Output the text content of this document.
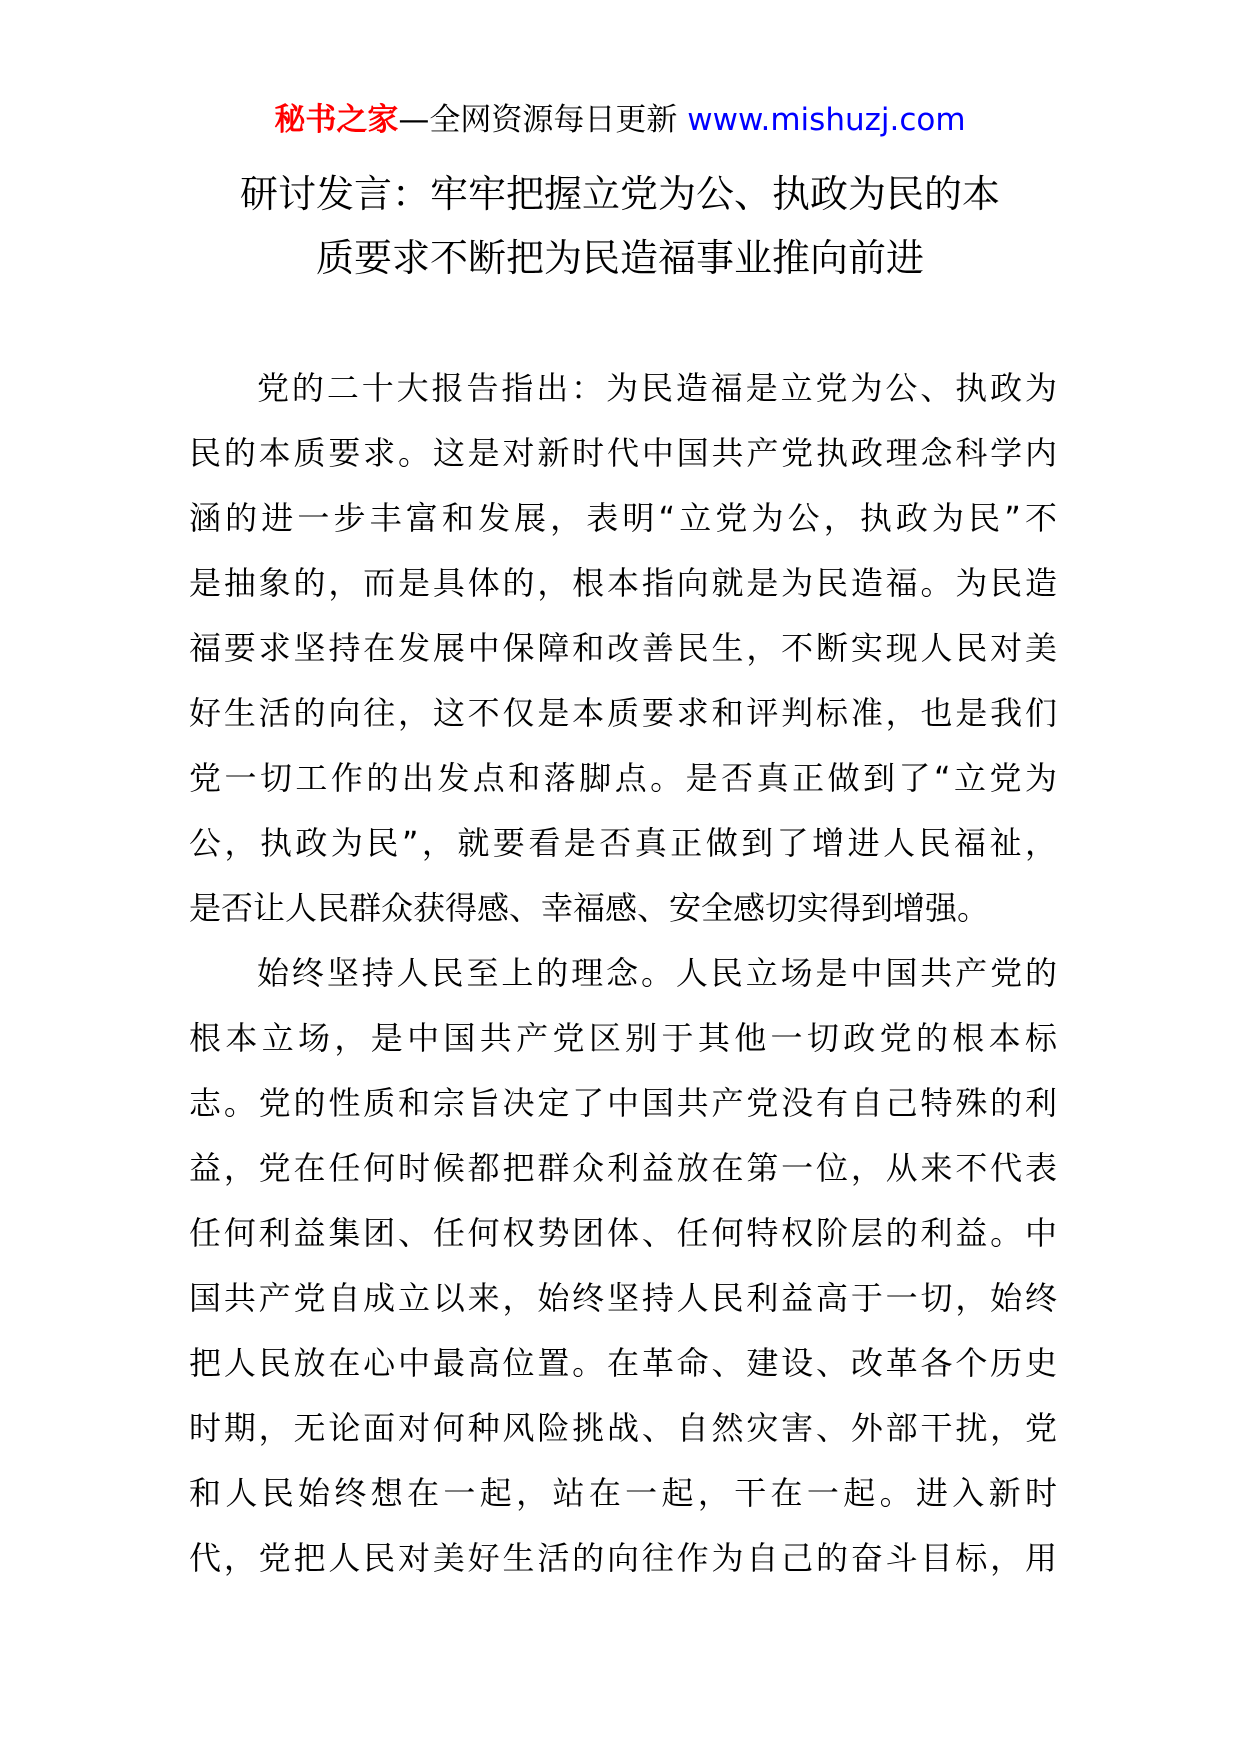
秘书之家—全网资源每日更新 www.mishuzj.com
研讨发言：牢牢把握立党为公、执政为民的本
质要求不断把为民造福事业推向前进

党的二十大报告指出：为民造福是立党为公、执政为
民的本质要求。这是对新时代中国共产党执政理念科学内
涵的进一步丰富和发展，表明“立党为公，执政为民”不
是抽象的，而是具体的，根本指向就是为民造福。为民造
福要求坚持在发展中保障和改善民生，不断实现人民对美
好生活的向往，这不仅是本质要求和评判标准，也是我们
党一切工作的出发点和落脚点。是否真正做到了“立党为
公，执政为民”，就要看是否真正做到了增进人民福祉，
是否让人民群众获得感、幸福感、安全感切实得到增强。

始终坚持人民至上的理念。人民立场是中国共产党的
根本立场，是中国共产党区别于其他一切政党的根本标
志。党的性质和宗旨决定了中国共产党没有自己特殊的利
益，党在任何时候都把群众利益放在第一位，从来不代表
任何利益集团、任何权势团体、任何特权阶层的利益。中
国共产党自成立以来，始终坚持人民利益高于一切，始终
把人民放在心中最高位置。在革命、建设、改革各个历史
时期，无论面对何种风险挑战、自然灾害、外部干扰，党
和人民始终想在一起，站在一起，干在一起。进入新时
代，党把人民对美好生活的向往作为自己的奋斗目标，用
